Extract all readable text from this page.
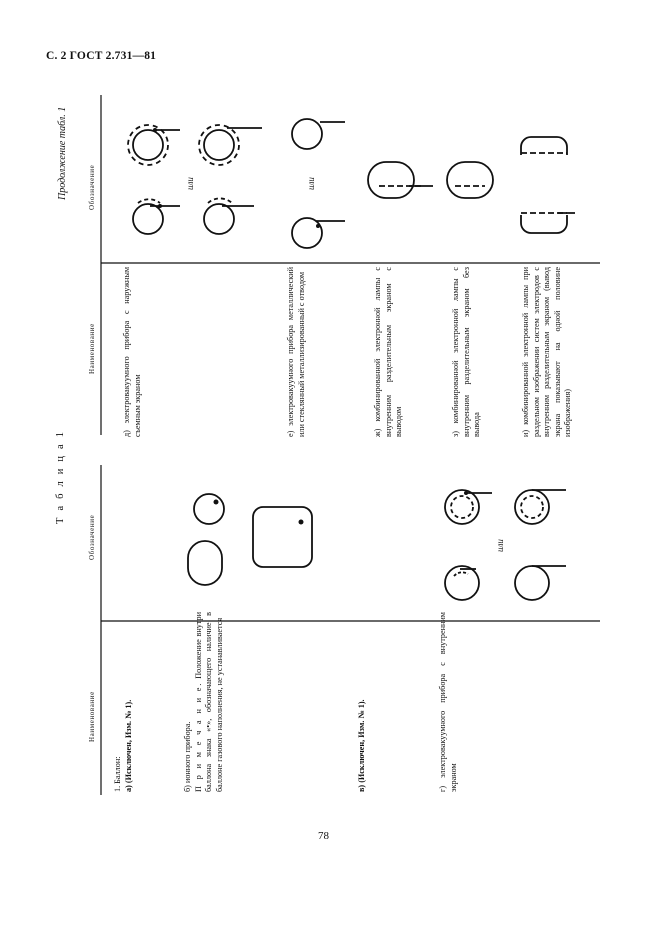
С. 2 ГОСТ 2.731—81
Т а б л и ц а 1
Наименование
Обозначение

1. Баллон: а) (Исключен, Изм. № 1).	б) ионного прибора. П р и м е ч а н и е. Положение внутри баллона знака «•», обозначающего наличие в баллоне газового наполнения, не устанавливается	в) (Исключен, Изм. № 1).	г) электровакуумного прибора с внутренним экраном

или
Продолжение табл. 1
Наименование
Обозначение

д) электровакуумного прибора с наружным съемным экраном

или

е) электровакуумного прибора металлический или стеклянный металлизированный с отводом

или

ж) комбинированной электронной лампы с внутренним разделительным экраном с выводом	з) комбинированной электронной лампы с внутренним разделительным экраном без вывода	и) комбинированной электронной лампы при раздельном изображении систем электродов с внутренним разделительным экраном (вывод экрана показывают на одной половине изображения)

78
